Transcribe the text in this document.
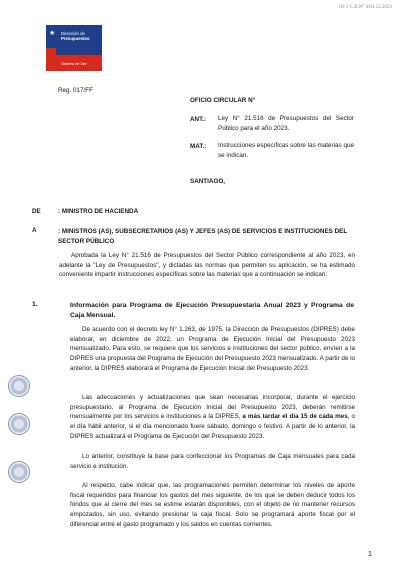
OF.1 C.R.N° 4/01.52.2023
★ Dirección de
Presupuestos
Gobierno de Chile
Reg. 017/FF
OFICIO CIRCULAR N°
ANT.: Ley N° 21.516 de Presupuestos del Sector Público para el año 2023.
MAT.: Instrucciones específicas sobre las materias que se indican.
SANTIAGO,
DE	: MINISTRO DE HACIENDA
A	: MINISTROS (AS), SUBSECRETARIOS (AS) Y JEFES (AS) DE SERVICIOS E INSTITUCIONES DEL SECTOR PÚBLICO
Aprobada la Ley N° 21.516 de Presupuestos del Sector Público correspondiente al año 2023, en adelante la "Ley de Presupuestos", y dictadas las normas que permiten su aplicación, se ha estimado conveniente impartir instrucciones específicas sobre las materias que a continuación se indican:
1.	Información para Programa de Ejecución Presupuestaria Anual 2023 y Programa de Caja Mensual.
De acuerdo con el decreto ley N° 1.263, de 1975, la Dirección de Presupuestos (DIPRES) debe elaborar, en diciembre de 2022, un Programa de Ejecución Inicial del Presupuesto 2023 mensualizado. Para esto, se requiere que los servicios e instituciones del sector público, envíen a la DIPRES una propuesta del Programa de Ejecución del Presupuesto 2023 mensualizado. A partir de lo anterior, la DIPRES elaborará el Programa de Ejecución Inicial del Presupuesto 2023.
Las adecuaciones y actualizaciones que sean necesarias incorporar, durante el ejercicio presupuestario, al Programa de Ejecución Inicial del Presupuesto 2023, deberán remitirse mensualmente por los servicios e instituciones a la DIPRES, a más tardar el día 15 de cada mes, o el día hábil anterior, si el día mencionado fuere sábado, domingo o festivo. A partir de lo anterior, la DIPRES actualizará el Programa de Ejecución del Presupuesto 2023.
Lo anterior, constituye la base para confeccionar los Programas de Caja mensuales para cada servicio e institución.
Al respecto, cabe indicar que, las programaciones permiten determinar los niveles de aporte fiscal requeridos para financiar los gastos del mes siguiente, de los que se deben deducir todos los fondos que al cierre del mes se estime estarán disponibles, con el objeto de no mantener recursos empozados, sin uso, evitando presionar la caja fiscal. Solo se programará aporte fiscal por el diferencial entre el gasto programado y los saldos en cuentas corrientes.
1
